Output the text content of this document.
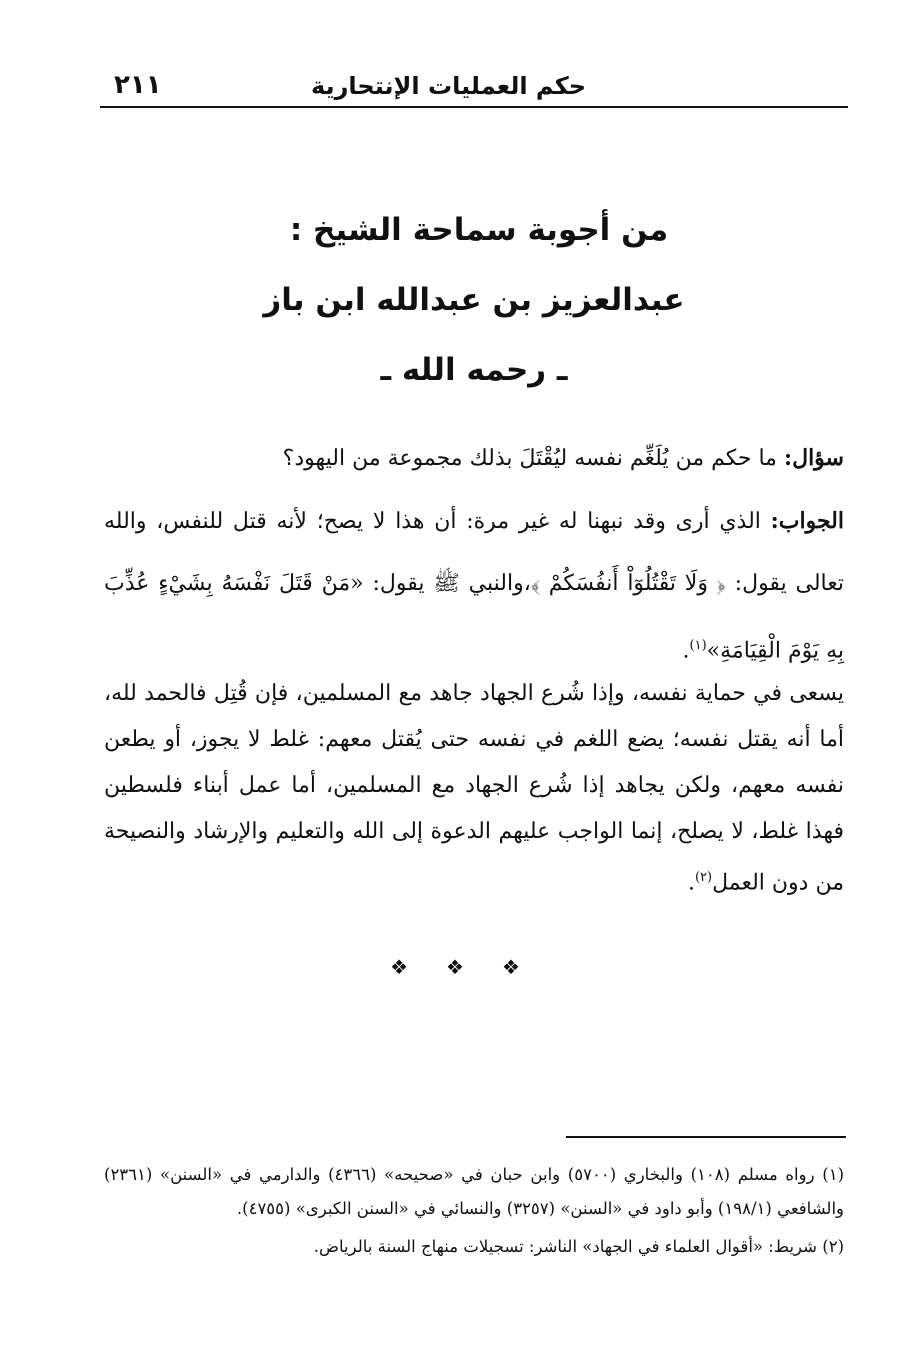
حكم العمليات الإنتحارية
٢١١
من أجوبة سماحة الشيخ :
عبدالعزيز بن عبدالله ابن باز
ـ رحمه الله ـ

سؤال: ما حكم من يُلَغِّم نفسه ليُقْتَلَ بذلك مجموعة من اليهود؟

الجواب: الذي أرى وقد نبهنا له غير مرة: أن هذا لا يصح؛ لأنه قتل للنفس، والله تعالى يقول: ﴿ وَلَا تَقْتُلُوٓاْ أَنفُسَكُمْ ﴾،والنبي ﷺ يقول: «مَنْ قَتَلَ نَفْسَهُ بِشَيْءٍ عُذِّبَ بِهِ يَوْمَ الْقِيَامَةِ»$^{(١)}$.

يسعى في حماية نفسه، وإذا شُرع الجهاد جاهد مع المسلمين، فإن قُتِل فالحمد لله، أما أنه يقتل نفسه؛ يضع اللغم في نفسه حتى يُقتل معهم: غلط لا يجوز، أو يطعن نفسه معهم، ولكن يجاهد إذا شُرع الجهاد مع المسلمين، أما عمل أبناء فلسطين فهذا غلط، لا يصلح، إنما الواجب عليهم الدعوة إلى الله والتعليم والإرشاد والنصيحة من دون العمل$^{(٢)}$.

❖❖❖

(١) رواه مسلم (١٠٨) والبخاري (٥٧٠٠) وابن حبان في «صحيحه» (٤٣٦٦) والدارمي في «السنن» (٢٣٦١) والشافعي (١٩٨/١) وأبو داود في «السنن» (٣٢٥٧) والنسائي في «السنن الكبرى» (٤٧٥٥).

(٢) شريط: «أقوال العلماء في الجهاد» الناشر: تسجيلات منهاج السنة بالرياض.
